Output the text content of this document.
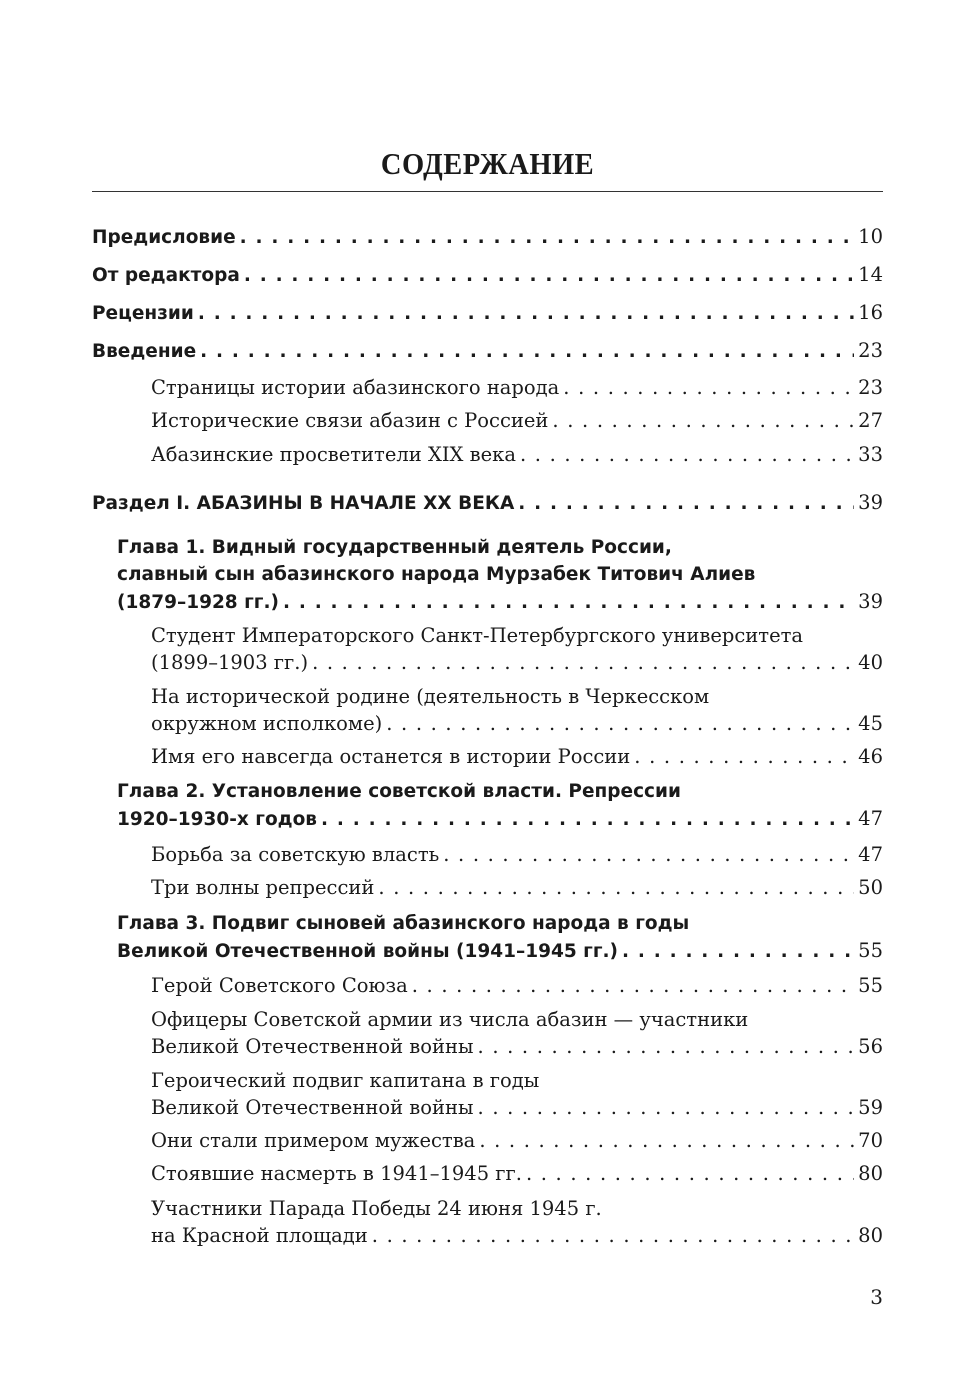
СОДЕРЖАНИЕ
Предисловие . . .	10
От редактора . . .	14
Рецензии . . .	16
Введение . . .	23
Страницы истории абазинского народа . . .	23
Исторические связи абазин с Россией . . .	27
Абазинские просветители XIX века . . .	33
Раздел I. АБАЗИНЫ В НАЧАЛЕ XX ВЕКА . . .	39
Глава 1. Видный государственный деятель России,
славный сын абазинского народа Мурзабек Титович Алиев
(1879–1928 гг.) . . .	39
Студент Императорского Санкт-Петербургского университета
(1899–1903 гг.) . . .	40
На исторической родине (деятельность в Черкесском
окружном исполкоме) . . .	45
Имя его навсегда останется в истории России . . .	46
Глава 2. Установление советской власти. Репрессии
1920–1930-х годов . . .	47
Борьба за советскую власть . . .	47
Три волны репрессий . . .	50
Глава 3. Подвиг сыновей абазинского народа в годы
Великой Отечественной войны (1941–1945 гг.) . . .	55
Герой Советского Союза . . .	55
Офицеры Советской армии из числа абазин — участники
Великой Отечественной войны . . .	56
Героический подвиг капитана в годы
Великой Отечественной войны . . .	59
Они стали примером мужества . . .	70
Стоявшие насмерть в 1941–1945 гг. . . .	80
Участники Парада Победы 24 июня 1945 г.
на Красной площади . . .	80
3
